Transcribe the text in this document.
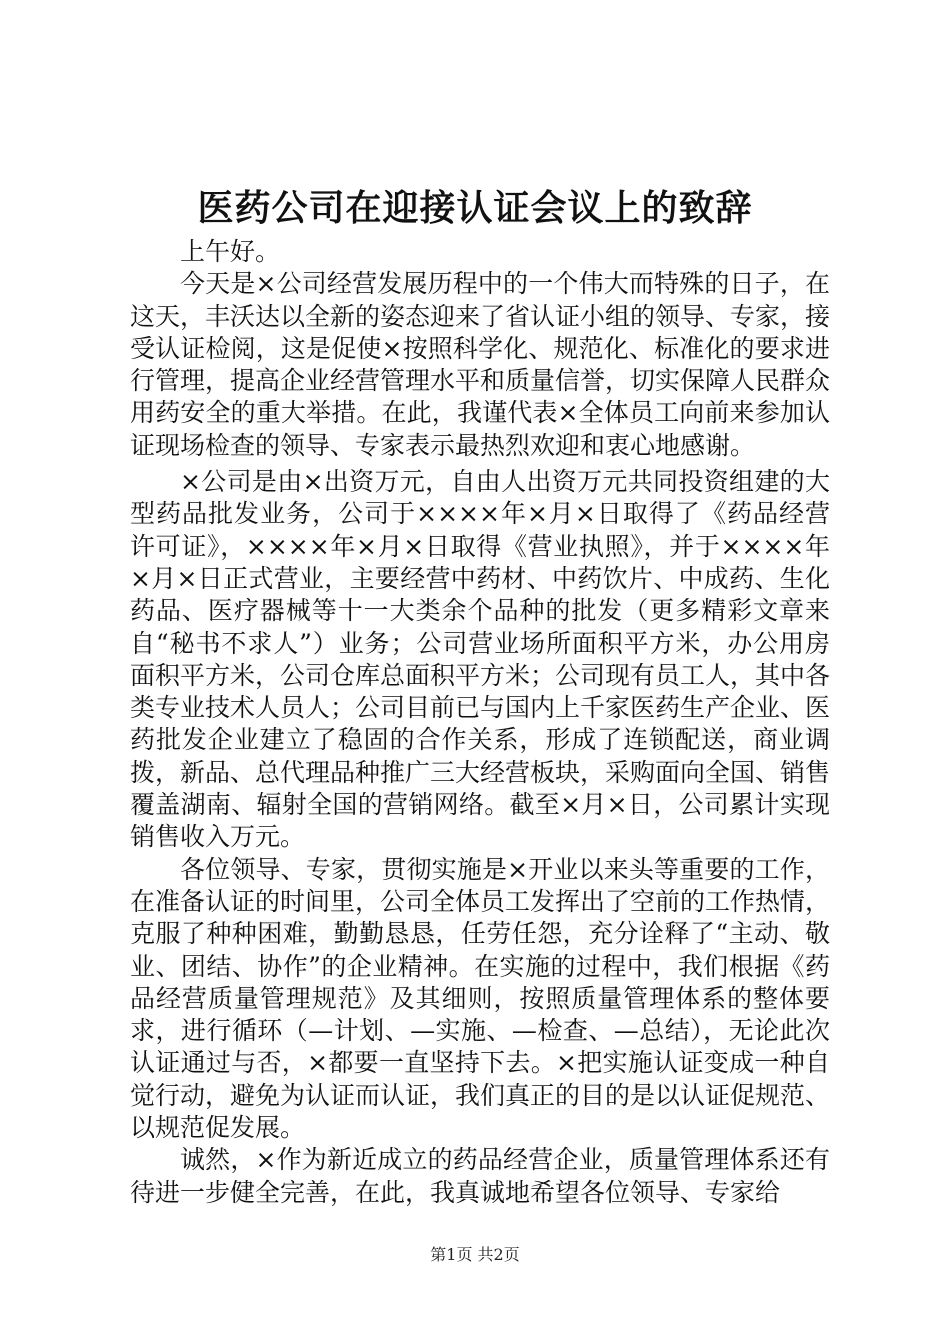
医药公司在迎接认证会议上的致辞

上午好。

今天是×公司经营发展历程中的一个伟大而特殊的日子，在这天，丰沃达以全新的姿态迎来了省认证小组的领导、专家，接受认证检阅，这是促使×按照科学化、规范化、标准化的要求进行管理，提高企业经营管理水平和质量信誉，切实保障人民群众用药安全的重大举措。在此，我谨代表×全体员工向前来参加认证现场检查的领导、专家表示最热烈欢迎和衷心地感谢。

×公司是由×出资万元，自由人出资万元共同投资组建的大型药品批发业务，公司于××××年×月×日取得了《药品经营许可证》，××××年×月×日取得《营业执照》，并于××××年×月×日正式营业，主要经营中药材、中药饮片、中成药、生化药品、医疗器械等十一大类余个品种的批发（更多精彩文章来自“秘书不求人”）业务；公司营业场所面积平方米，办公用房面积平方米，公司仓库总面积平方米；公司现有员工人，其中各类专业技术人员人；公司目前已与国内上千家医药生产企业、医药批发企业建立了稳固的合作关系，形成了连锁配送，商业调拨，新品、总代理品种推广三大经营板块，采购面向全国、销售覆盖湖南、辐射全国的营销网络。截至×月×日，公司累计实现销售收入万元。

各位领导、专家，贯彻实施是×开业以来头等重要的工作，在准备认证的时间里，公司全体员工发挥出了空前的工作热情，克服了种种困难，勤勤恳恳，任劳任怨，充分诠释了“主动、敬业、团结、协作”的企业精神。在实施的过程中，我们根据《药品经营质量管理规范》及其细则，按照质量管理体系的整体要求，进行循环（—计划、—实施、—检查、—总结），无论此次认证通过与否，×都要一直坚持下去。×把实施认证变成一种自觉行动，避免为认证而认证，我们真正的目的是以认证促规范、以规范促发展。

诚然，×作为新近成立的药品经营企业，质量管理体系还有待进一步健全完善，在此，我真诚地希望各位领导、专家给

第1页 共2页
